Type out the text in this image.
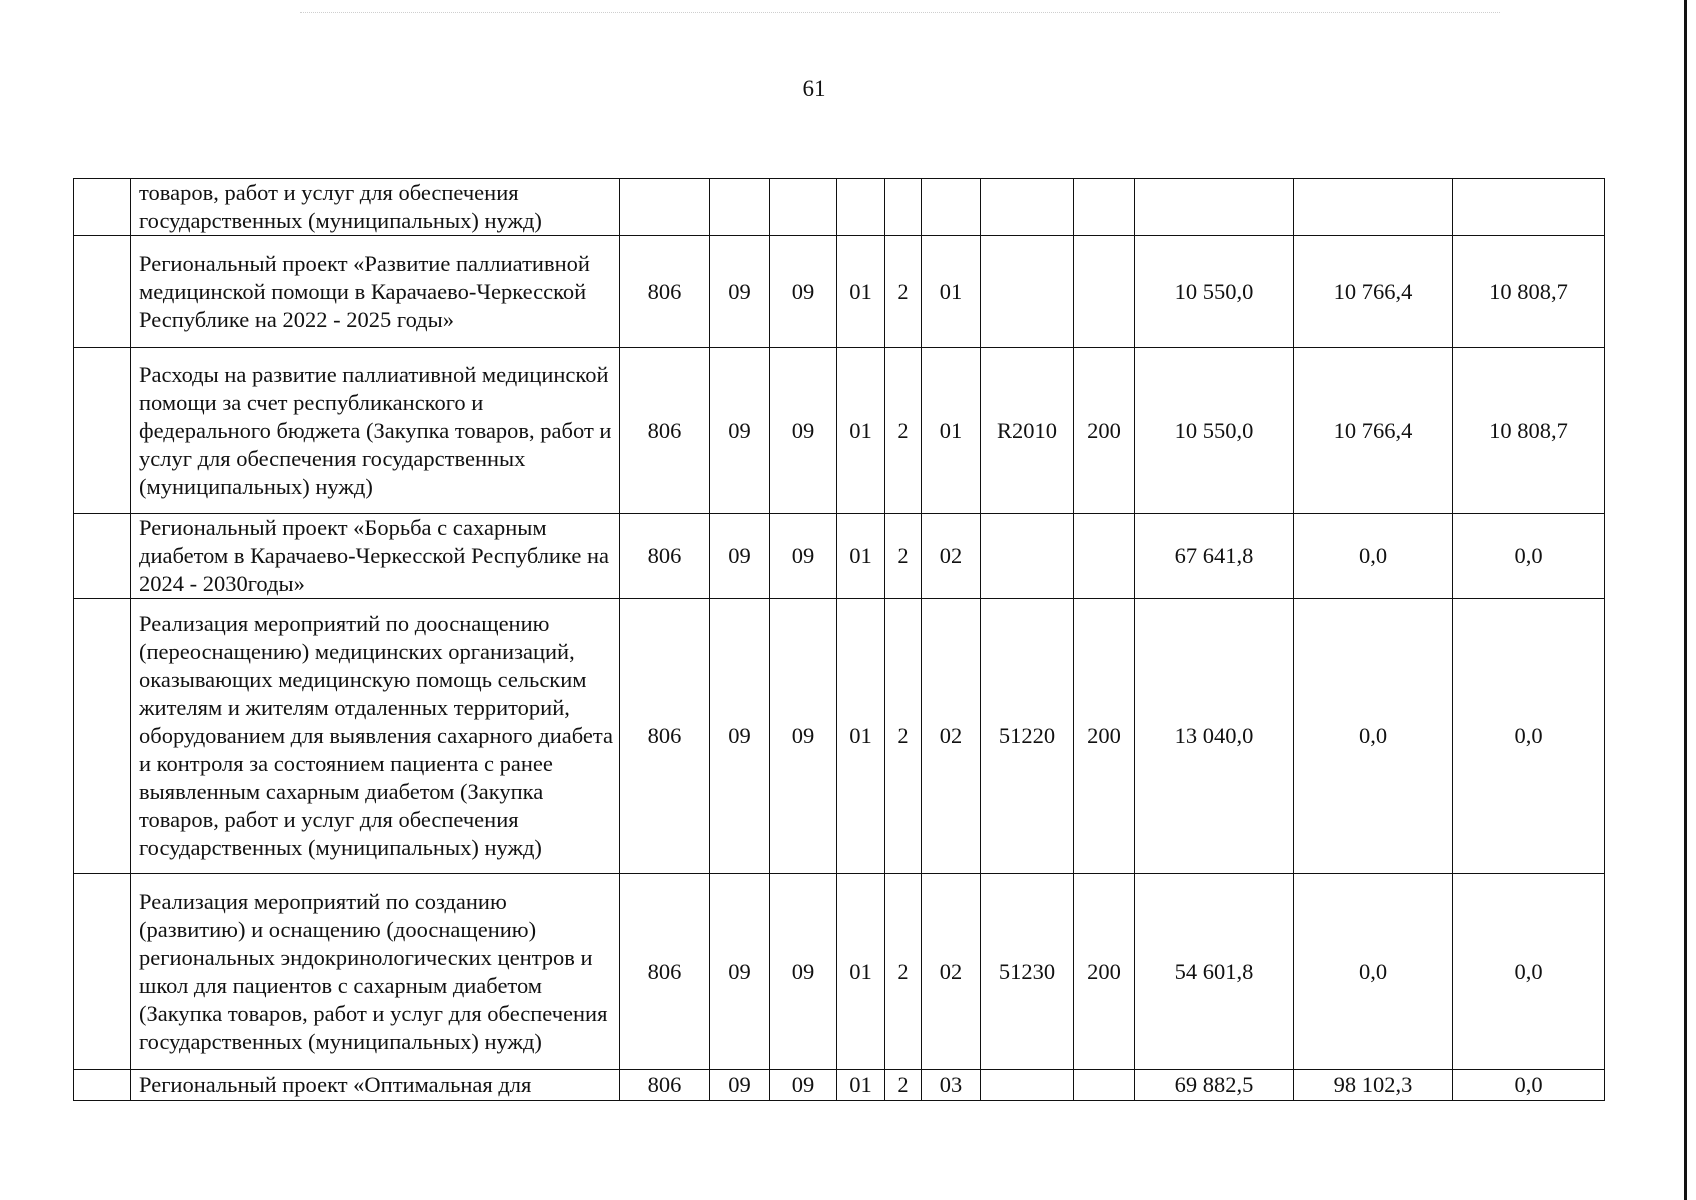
61
	товаров, работ и услуг для обеспечения государственных (муниципальных) нужд)											
	Региональный проект «Развитие паллиативной медицинской помощи в Карачаево-Черкесской Республике на 2022 - 2025 годы»	806	09	09	01	2	01			10 550,0	10 766,4	10 808,7
	Расходы на развитие паллиативной медицинской помощи за счет республиканского и федерального бюджета (Закупка товаров, работ и услуг для обеспечения государственных (муниципальных) нужд)	806	09	09	01	2	01	R2010	200	10 550,0	10 766,4	10 808,7
	Региональный проект «Борьба с сахарным диабетом в Карачаево-Черкесской Республике на 2024 - 2030годы»	806	09	09	01	2	02			67 641,8	0,0	0,0
	Реализация мероприятий по дооснащению (переоснащению) медицинских организаций, оказывающих медицинскую помощь сельским жителям и жителям отдаленных территорий, оборудованием для выявления сахарного диабета и контроля за состоянием пациента с ранее выявленным сахарным диабетом (Закупка товаров, работ и услуг для обеспечения государственных (муниципальных) нужд)	806	09	09	01	2	02	51220	200	13 040,0	0,0	0,0
	Реализация мероприятий по созданию (развитию) и оснащению (дооснащению) региональных эндокринологических центров и школ для пациентов с сахарным диабетом (Закупка товаров, работ и услуг для обеспечения государственных (муниципальных) нужд)	806	09	09	01	2	02	51230	200	54 601,8	0,0	0,0
	Региональный проект «Оптимальная для	806	09	09	01	2	03			69 882,5	98 102,3	0,0
